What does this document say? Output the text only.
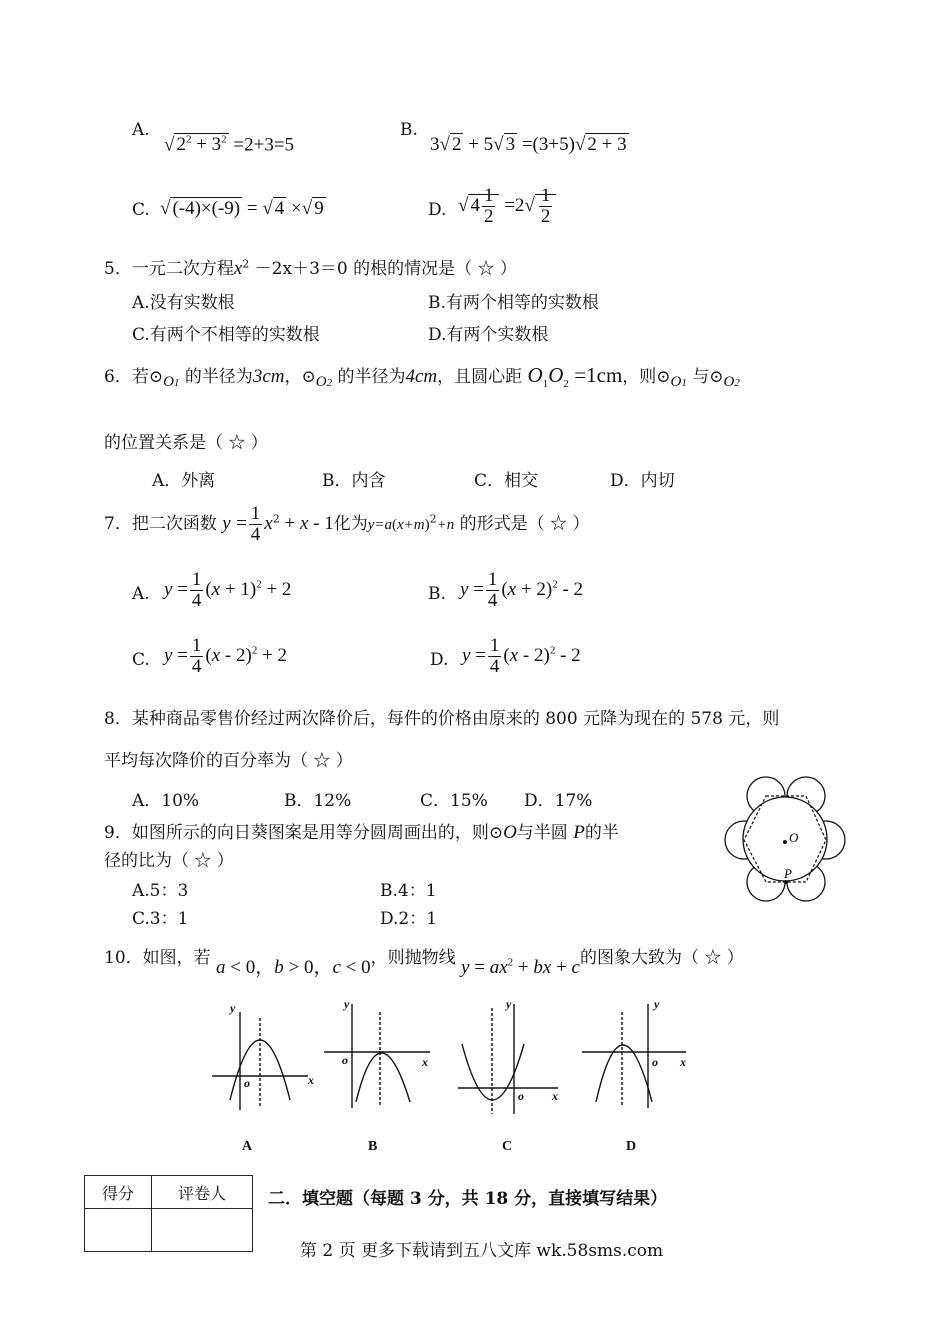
A.
√ $2^2 + 3^2 =2+3=5$
B.
3√ 2 + 5√ 3 =(3+5)√ 2 + 3
C. √ (-4)×(-9) = √ 4 ×√ 9	D. √ $4 \frac{1}{2} =2√ \frac{1}{2}$
5．一元二次方程$x^2 -2x+3=0$ 的根的情况是（ ☆ ）
A.没有实数根	B.有两个相等的实数根
C.有两个不相等的实数根	D.有两个实数根
6．若$⊙_{O1}$ 的半径为3cm，$⊙_{O2}$ 的半径为4cm，且圆心距 $O_1O_2 =1cm$，则$⊙_{O1}$ 与$⊙_{O2}$
的位置关系是（ ☆ ）
A．外离	B．内含	C．相交	D．内切
7．把二次函数 $y = \frac{1}{4} x^2 + x - 1$化为$y=a(x+m)^2+n$ 的形式是（ ☆ ）
A. $y = \frac{1}{4} (x + 1)^2 + 2$	B. $y = \frac{1}{4} (x + 2)^2 - 2$
C. $y = \frac{1}{4} (x - 2)^2 + 2$	D. $y = \frac{1}{4} (x - 2)^2 - 2$
8．某种商品零售价经过两次降价后，每件的价格由原来的 800 元降为现在的 578 元，则
平均每次降价的百分率为（ ☆ ）
A．10%	B．12%	C．15% D．17%
9．如图所示的向日葵图案是用等分圆周画出的，则⊙O与半圆 P的半
径的比为（ ☆ ）
A.5：3	B.4：1
C.3：1	D.2：1
O
P
10．如图，若 a < 0，b > 0，c < 0，则抛物线 $y = ax^2$ + bx + c的图象大致为（ ☆ ）
y
x
o
y
x
o
y
x
o
y
x
o
A	B	C	D
得分	评卷人
	二．填空题（每题 3 分，共 18 分，直接填写结果）
第 2 页 更多下载请到五八文库 wk.58sms.com
